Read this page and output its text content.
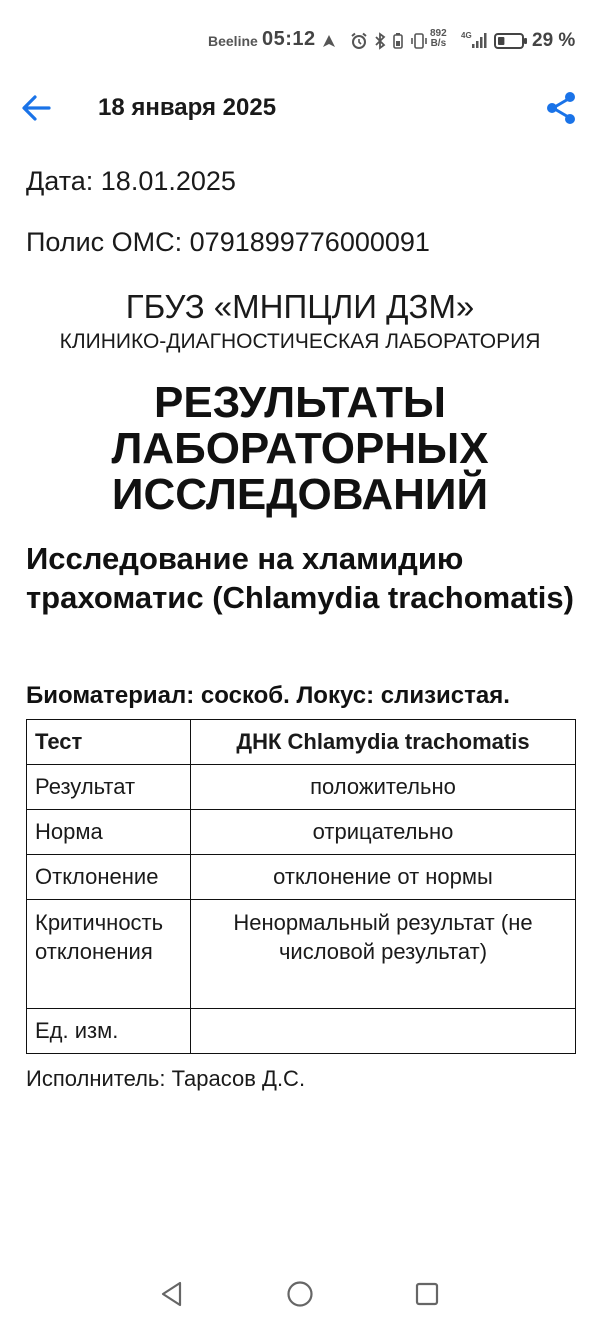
Beeline 05:12	892
B/s
4G	29 %
18 января 2025
Дата: 18.01.2025
Полис ОМС: 0791899776000091
ГБУЗ «МНПЦЛИ ДЗМ»
КЛИНИКО-ДИАГНОСТИЧЕСКАЯ ЛАБОРАТОРИЯ
РЕЗУЛЬТАТЫ ЛАБОРАТОРНЫХ ИССЛЕДОВАНИЙ
Исследование на хламидию трахоматис (Chlamydia trachomatis)
Биоматериал: соскоб. Локус: слизистая.
Тест	ДНК Chlamydia trachomatis
Результат	положительно
Норма	отрицательно
Отклонение	отклонение от нормы
Критичность отклонения	Ненормальный результат (не числовой результат)
Ед. изм.	
Исполнитель: Тарасов Д.С.
